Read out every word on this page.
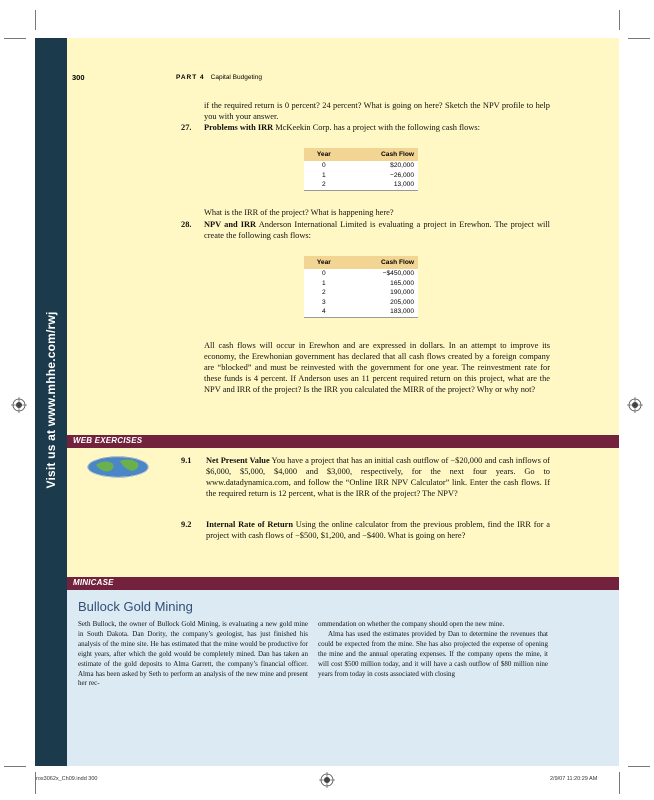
Visit us at www.mhhe.com/rwj
300	PART 4 Capital Budgeting
if the required return is 0 percent? 24 percent? What is going on here? Sketch the NPV profile to help you with your answer.
27. Problems with IRR McKeekin Corp. has a project with the following cash flows:
Year	Cash Flow
0	$20,000
1	−26,000
2	13,000
What is the IRR of the project? What is happening here?
28. NPV and IRR Anderson International Limited is evaluating a project in Erewhon. The project will create the following cash flows:
Year	Cash Flow
0	−$450,000
1	165,000
2	190,000
3	205,000
4	183,000
All cash flows will occur in Erewhon and are expressed in dollars. In an attempt to improve its economy, the Erewhonian government has declared that all cash flows created by a foreign company are “blocked” and must be reinvested with the government for one year. The reinvestment rate for these funds is 4 percent. If Anderson uses an 11 percent required return on this project, what are the NPV and IRR of the project? Is the IRR you calculated the MIRR of the project? Why or why not?
WEB EXERCISES
9.1 Net Present Value You have a project that has an initial cash outflow of −$20,000 and cash inflows of $6,000, $5,000, $4,000 and $3,000, respectively, for the next four years. Go to www.datadynamica.com, and follow the “Online IRR NPV Calculator” link. Enter the cash flows. If the required return is 12 percent, what is the IRR of the project? The NPV?
9.2 Internal Rate of Return Using the online calculator from the previous problem, find the IRR for a project with cash flows of −$500, $1,200, and −$400. What is going on here?
MINICASE
Bullock Gold Mining

Seth Bullock, the owner of Bullock Gold Mining, is evaluating a new gold mine in South Dakota. Dan Dority, the company’s geologist, has just finished his analysis of the mine site. He has estimated that the mine would be productive for eight years, after which the gold would be completely mined. Dan has taken an estimate of the gold deposits to Alma Garrett, the company’s financial officer. Alma has been asked by Seth to perform an analysis of the new mine and present her rec-

ommendation on whether the company should open the new mine.

Alma has used the estimates provided by Dan to determine the revenues that could be expected from the mine. She has also projected the expense of opening the mine and the annual operating expenses. If the company opens the mine, it will cost $500 million today, and it will have a cash outflow of $80 million nine years from today in costs associated with closing

ros3062x_Ch09.indd 300	2/9/07 11:20:29 AM
